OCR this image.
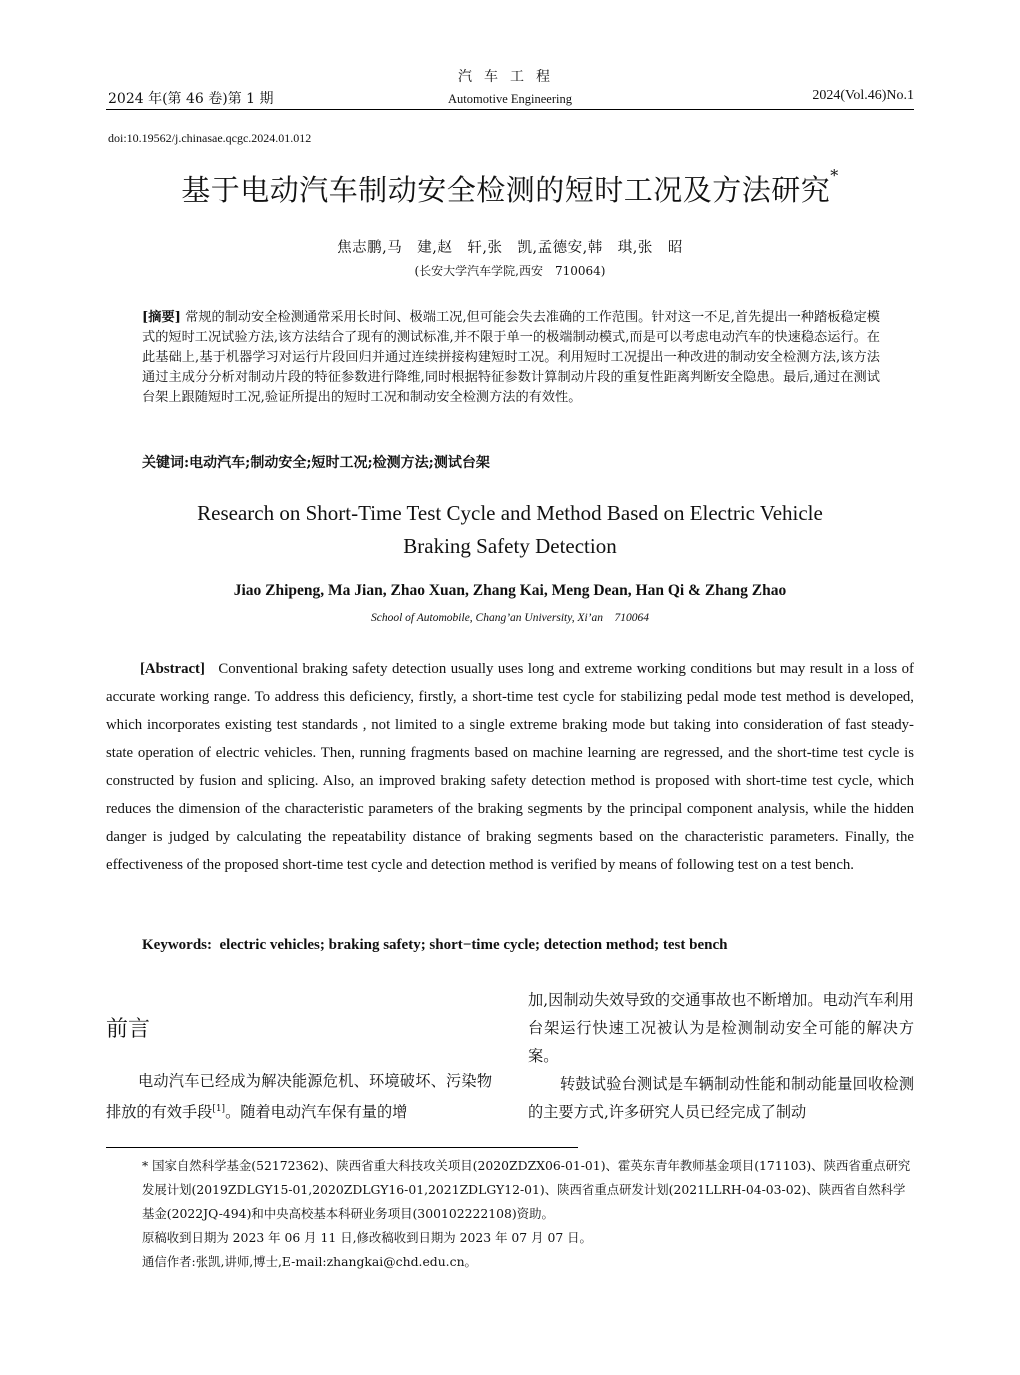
汽车工程
2024 年(第 46 卷)第 1 期	Automotive Engineering	2024(Vol.46)No.1
doi:10.19562/j.chinasae.qcgc.2024.01.012
基于电动汽车制动安全检测的短时工况及方法研究*
焦志鹏,马　建,赵　轩,张　凯,孟德安,韩　琪,张　昭
(长安大学汽车学院,西安　710064)
[摘要] 常规的制动安全检测通常采用长时间、极端工况,但可能会失去准确的工作范围。针对这一不足,首先提出一种踏板稳定模式的短时工况试验方法,该方法结合了现有的测试标准,并不限于单一的极端制动模式,而是可以考虑电动汽车的快速稳态运行。在此基础上,基于机器学习对运行片段回归并通过连续拼接构建短时工况。利用短时工况提出一种改进的制动安全检测方法,该方法通过主成分分析对制动片段的特征参数进行降维,同时根据特征参数计算制动片段的重复性距离判断安全隐患。最后,通过在测试台架上跟随短时工况,验证所提出的短时工况和制动安全检测方法的有效性。
关键词:电动汽车;制动安全;短时工况;检测方法;测试台架
Research on Short-Time Test Cycle and Method Based on Electric Vehicle
Braking Safety Detection
Jiao Zhipeng, Ma Jian, Zhao Xuan, Zhang Kai, Meng Dean, Han Qi & Zhang Zhao
School of Automobile, Chang’an University, Xi’an　710064
[Abstract] Conventional braking safety detection usually uses long and extreme working conditions but may result in a loss of accurate working range. To address this deficiency, firstly, a short-time test cycle for stabilizing pedal mode test method is developed, which incorporates existing test standards , not limited to a single extreme braking mode but taking into consideration of fast steady-state operation of electric vehicles. Then, running fragments based on machine learning are regressed, and the short-time test cycle is constructed by fusion and splicing. Also, an improved braking safety detection method is proposed with short-time test cycle, which reduces the dimension of the characteristic parameters of the braking segments by the principal component analysis, while the hidden danger is judged by calculating the repeatability distance of braking segments based on the characteristic parameters. Finally, the effectiveness of the proposed short-time test cycle and detection method is verified by means of following test on a test bench.
Keywords: electric vehicles; braking safety; short−time cycle; detection method; test bench
前言
电动汽车已经成为解决能源危机、环境破坏、污染物排放的有效手段[1]。随着电动汽车保有量的增

加,因制动失效导致的交通事故也不断增加。电动汽车利用台架运行快速工况被认为是检测制动安全可能的解决方案。

转鼓试验台测试是车辆制动性能和制动能量回收检测的主要方式,许多研究人员已经完成了制动

* 国家自然科学基金(52172362)、陕西省重大科技攻关项目(2020ZDZX06-01-01)、霍英东青年教师基金项目(171103)、陕西省重点研究发展计划(2019ZDLGY15-01,2020ZDLGY16-01,2021ZDLGY12-01)、陕西省重点研发计划(2021LLRH-04-03-02)、陕西省自然科学基金(2022JQ-494)和中央高校基本科研业务项目(300102222108)资助。
原稿收到日期为 2023 年 06 月 11 日,修改稿收到日期为 2023 年 07 月 07 日。
通信作者:张凯,讲师,博士,E-mail:zhangkai@chd.edu.cn。
